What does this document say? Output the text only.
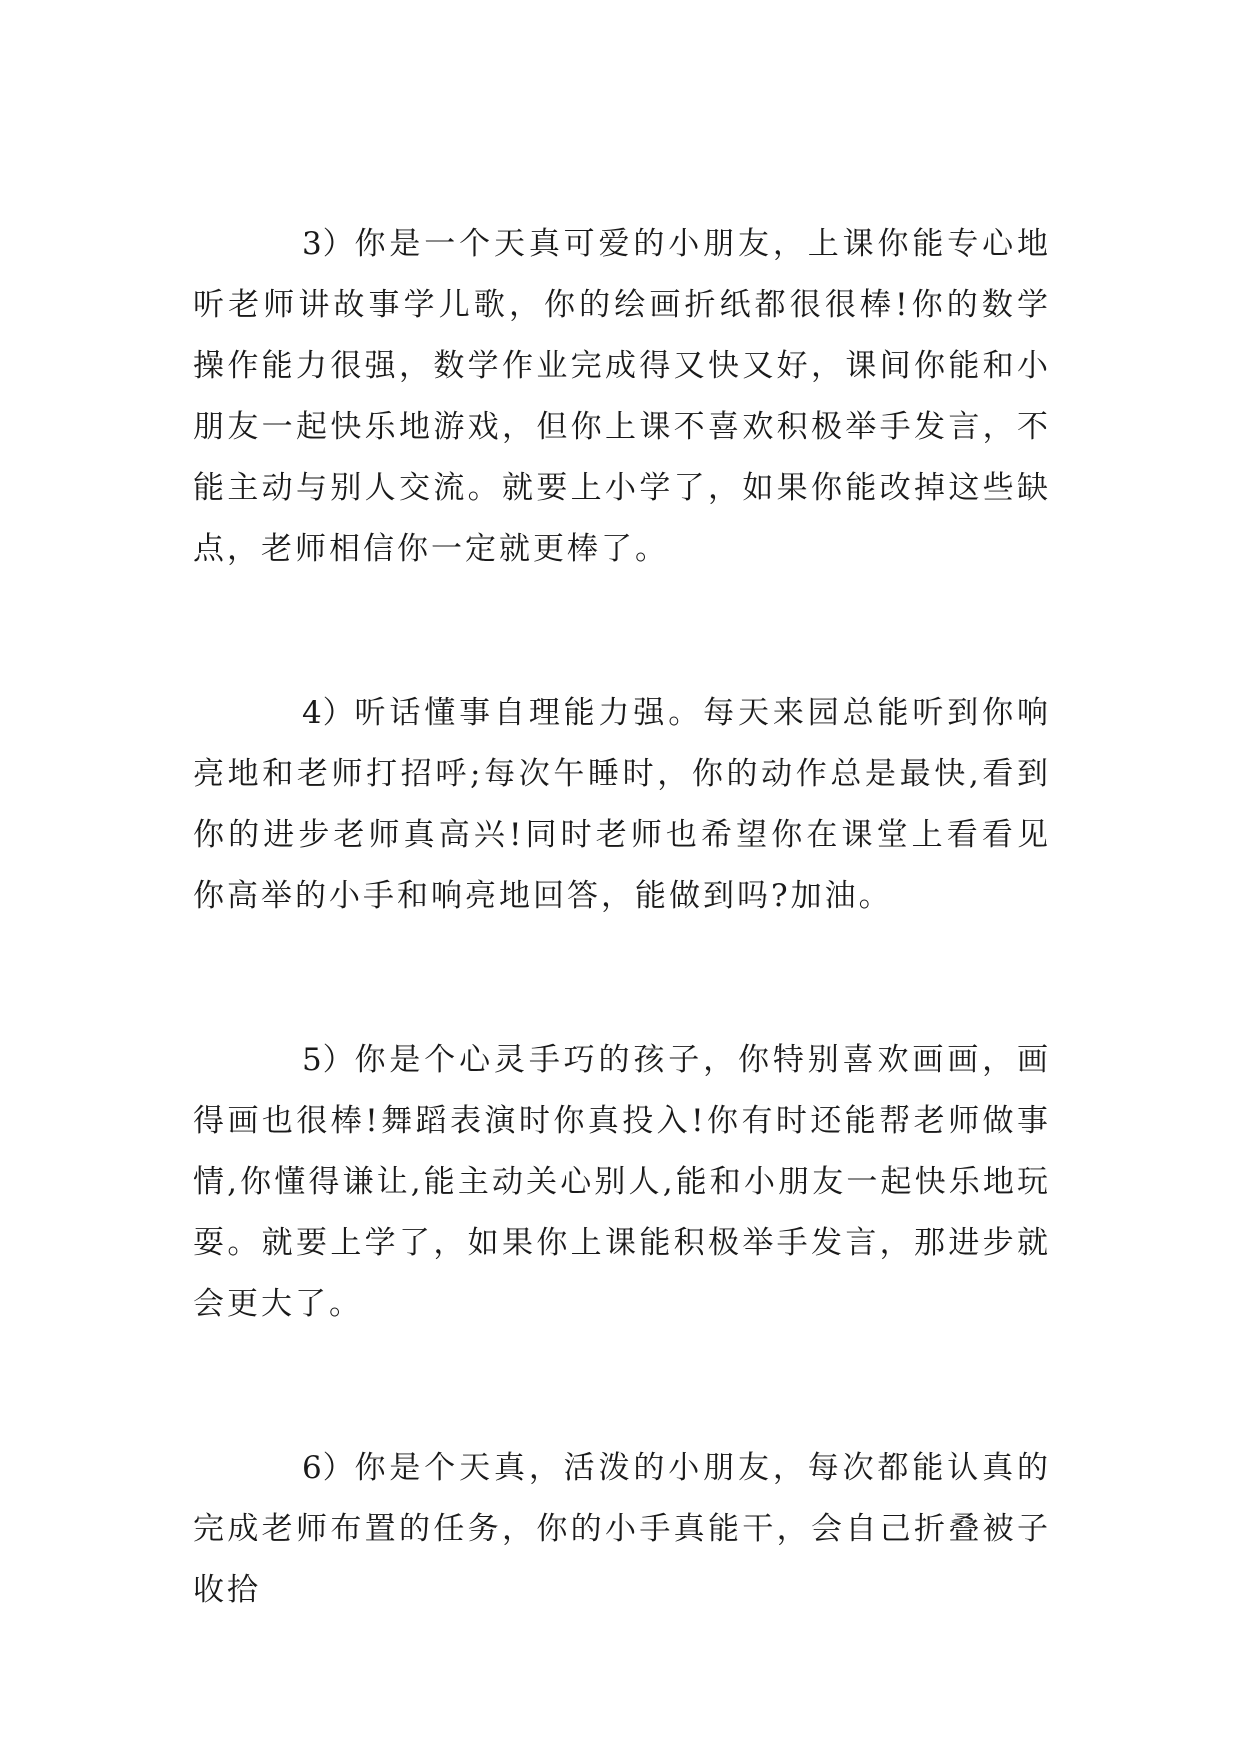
3）你是一个天真可爱的小朋友，上课你能专心地听老师讲故事学儿歌，你的绘画折纸都很很棒!你的数学操作能力很强，数学作业完成得又快又好，课间你能和小朋友一起快乐地游戏，但你上课不喜欢积极举手发言，不能主动与别人交流。就要上小学了，如果你能改掉这些缺点，老师相信你一定就更棒了。

4）听话懂事自理能力强。每天来园总能听到你响亮地和老师打招呼;每次午睡时，你的动作总是最快,看到你的进步老师真高兴!同时老师也希望你在课堂上看看见你高举的小手和响亮地回答，能做到吗?加油。

5）你是个心灵手巧的孩子，你特别喜欢画画，画得画也很棒!舞蹈表演时你真投入!你有时还能帮老师做事情,你懂得谦让,能主动关心别人,能和小朋友一起快乐地玩耍。就要上学了，如果你上课能积极举手发言，那进步就会更大了。

6）你是个天真，活泼的小朋友，每次都能认真的完成老师布置的任务，你的小手真能干，会自己折叠被子收拾
